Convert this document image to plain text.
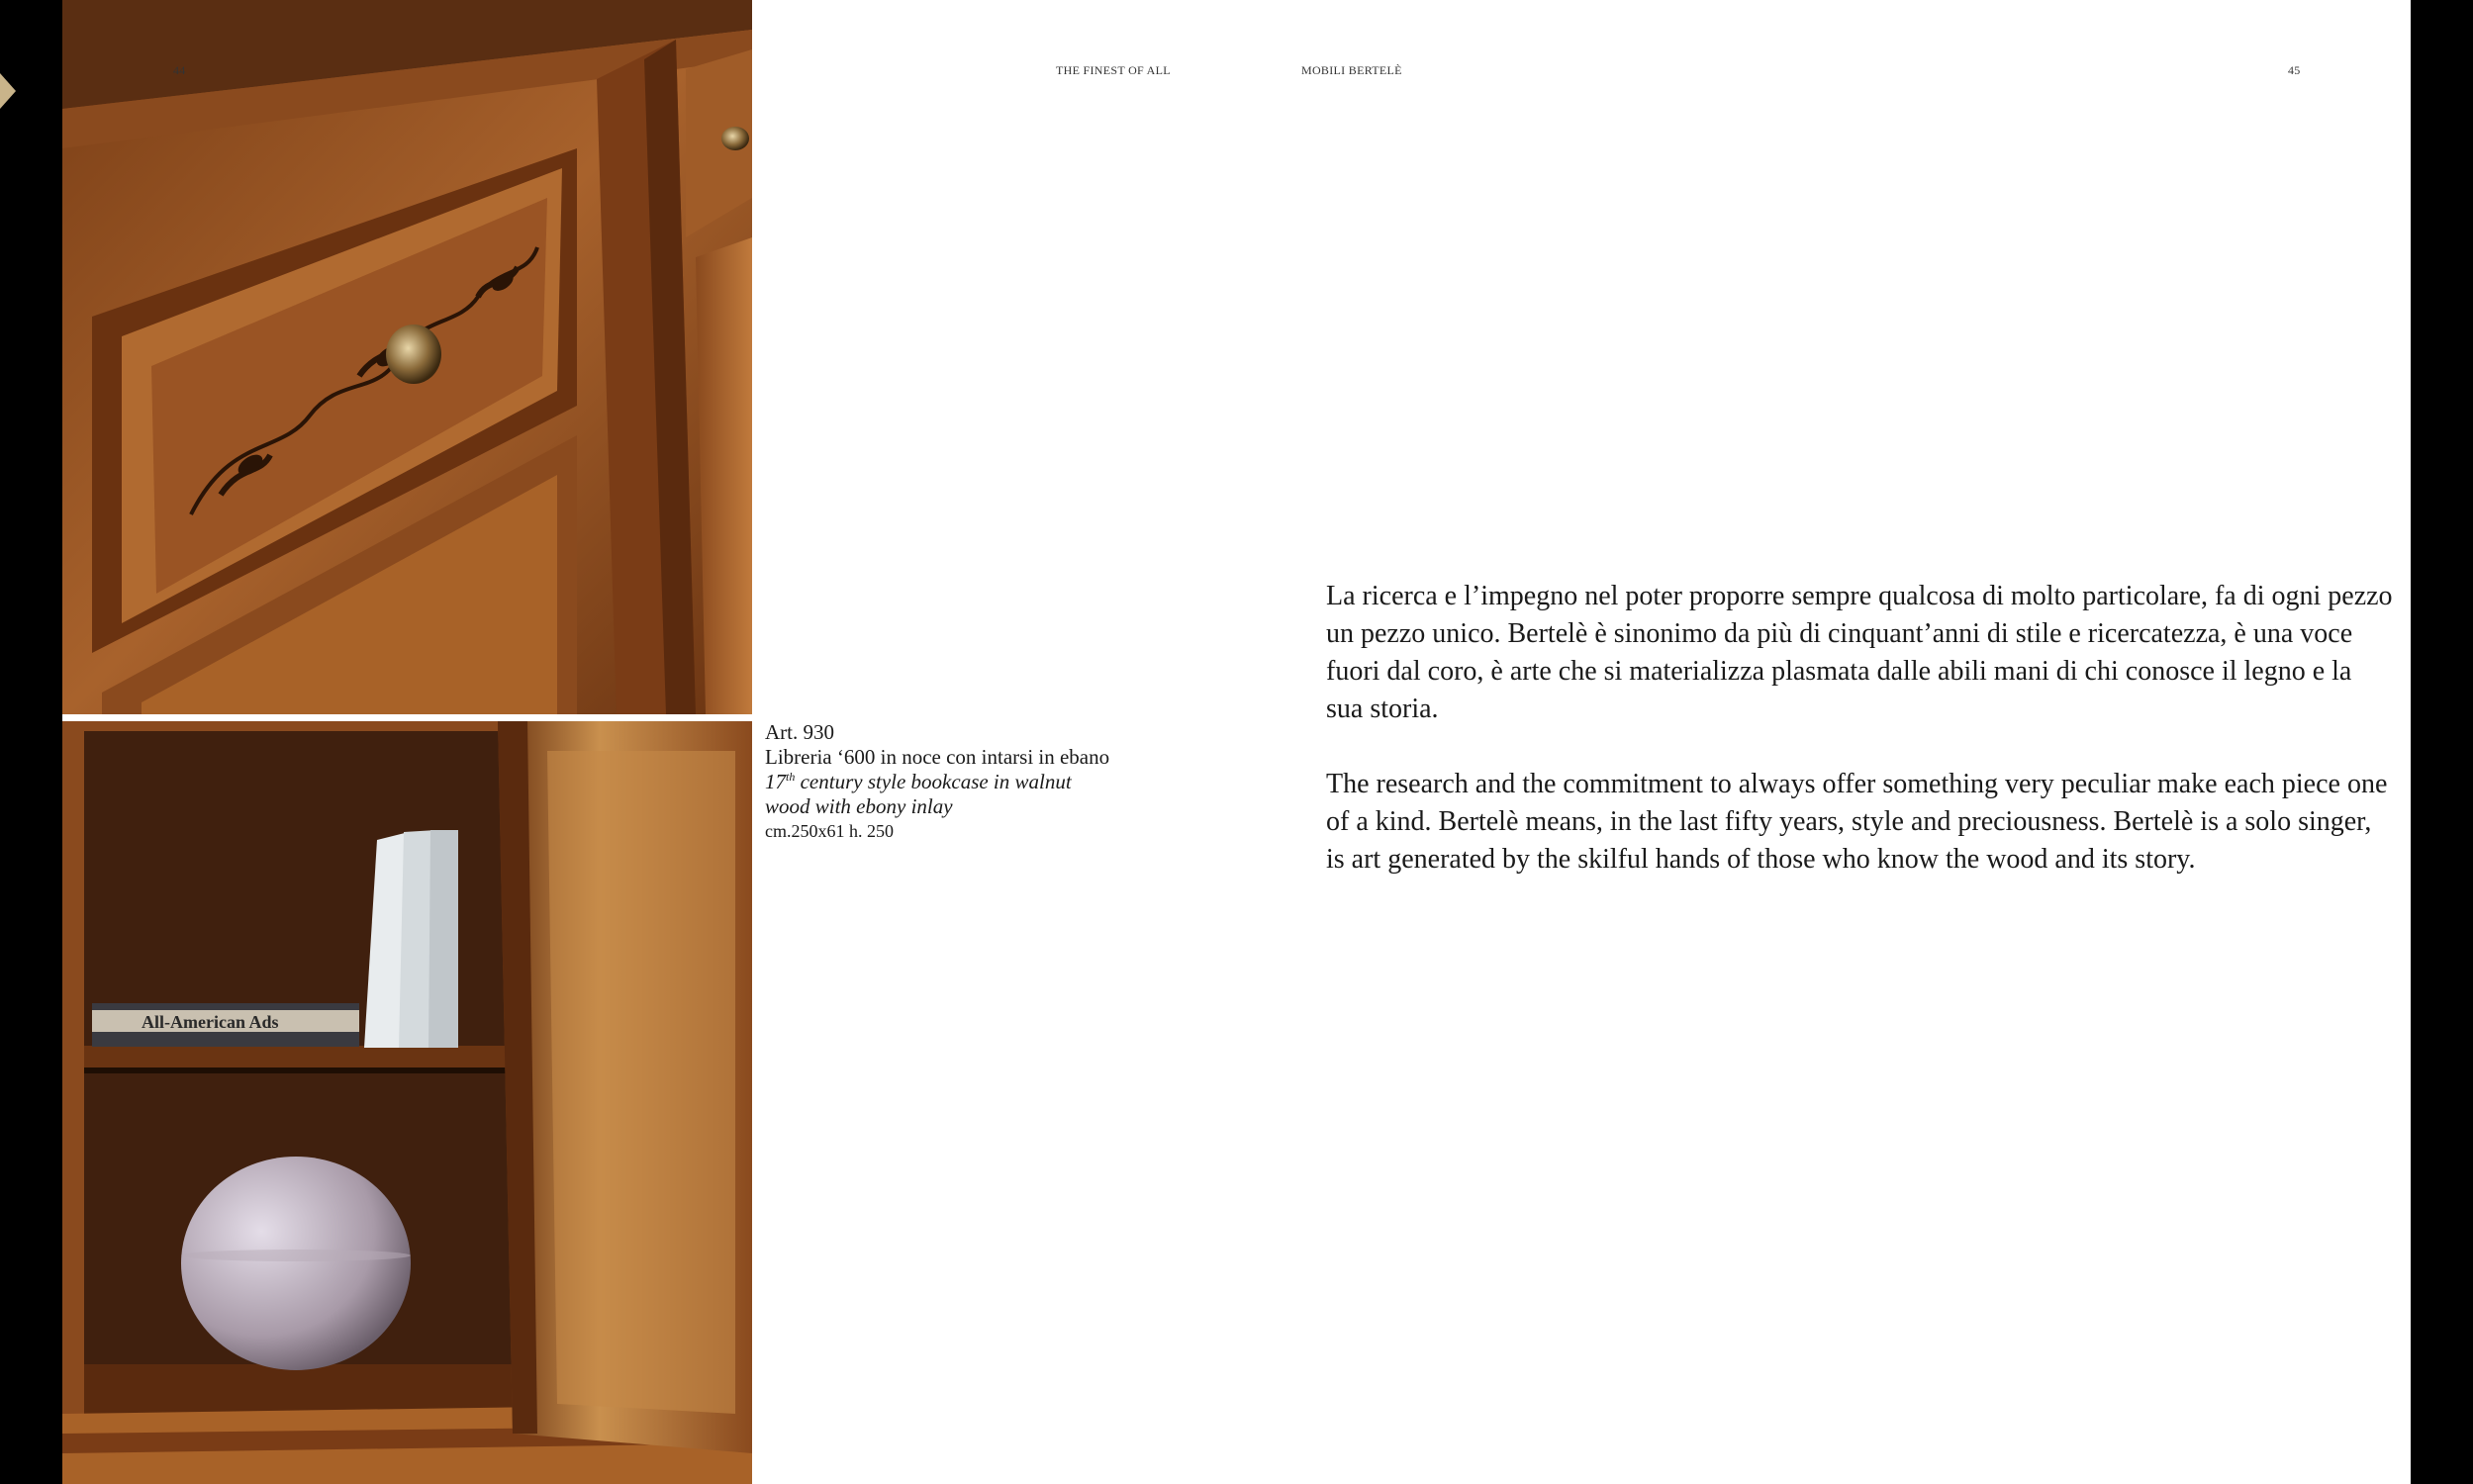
All-American Ads
44	THE FINEST OF ALL	MOBILI BERTELÈ	45
Art. 930
Libreria ‘600 in noce con intarsi in ebano
17th century style bookcase in walnut
wood with ebony inlay
cm.250x61 h. 250

La ricerca e l’impegno nel poter proporre sempre qualcosa di molto particolare, fa di ogni pezzo un pezzo unico. Bertelè è sinonimo da più di cinquant’anni di stile e ricercatezza, è una voce fuori dal coro, è arte che si materializza plasmata dalle abili mani di chi conosce il legno e la sua storia.

The research and the commitment to always offer something very peculiar make each piece one of a kind. Bertelè means, in the last fifty years, style and preciousness. Bertelè is a solo singer, is art generated by the skilful hands of those who know the wood and its story.
